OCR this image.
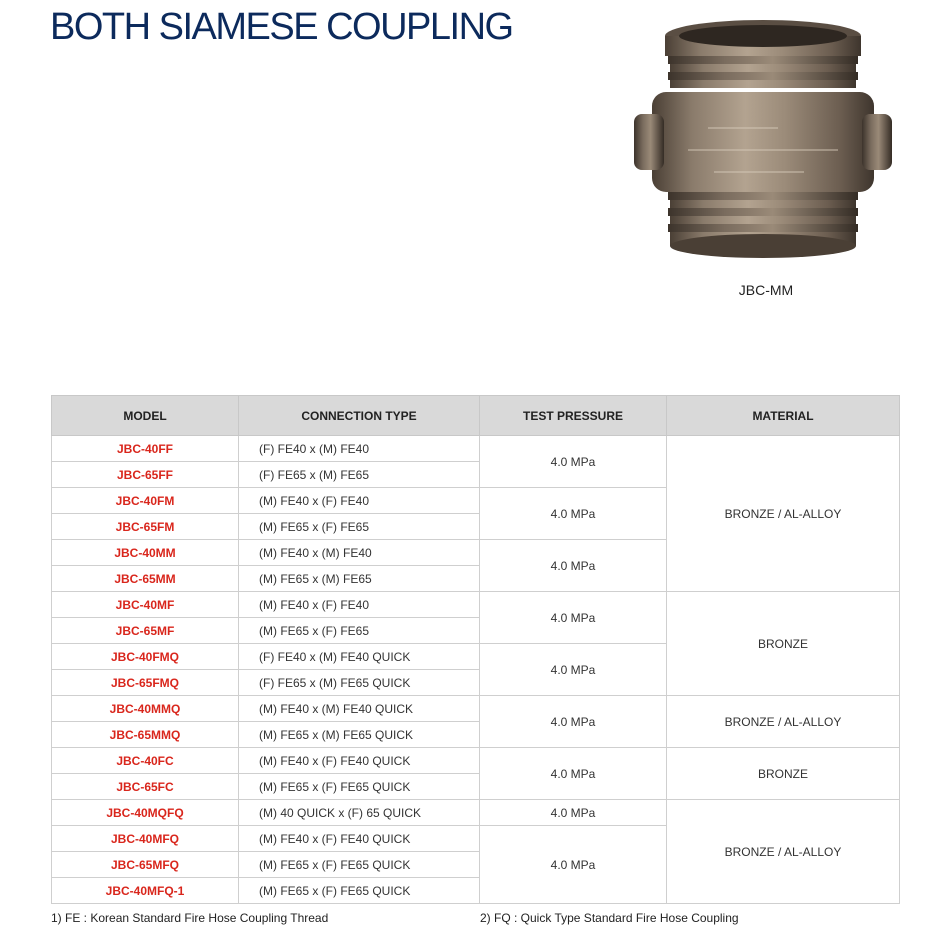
BOTH SIAMESE COUPLING
JBC-MM
MODEL	CONNECTION TYPE	TEST PRESSURE	MATERIAL
JBC-40FF	(F) FE40 x (M) FE40	4.0 MPa	BRONZE / AL-ALLOY
JBC-65FF	(F) FE65 x (M) FE65		
JBC-40FM	(M) FE40 x (F) FE40	4.0 MPa	
JBC-65FM	(M) FE65 x (F) FE65		
JBC-40MM	(M) FE40 x (M) FE40	4.0 MPa	
JBC-65MM	(M) FE65 x (M) FE65		
JBC-40MF	(M) FE40 x (F) FE40	4.0 MPa	BRONZE
JBC-65MF	(M) FE65 x (F) FE65		
JBC-40FMQ	(F) FE40 x (M) FE40 QUICK	4.0 MPa	
JBC-65FMQ	(F) FE65 x (M) FE65 QUICK		
JBC-40MMQ	(M) FE40 x (M) FE40 QUICK	4.0 MPa	BRONZE / AL-ALLOY
JBC-65MMQ	(M) FE65 x (M) FE65 QUICK		
JBC-40FC	(M) FE40 x (F) FE40 QUICK	4.0 MPa	BRONZE
JBC-65FC	(M) FE65 x (F) FE65 QUICK		
JBC-40MQFQ	(M) 40 QUICK x (F) 65 QUICK	4.0 MPa	BRONZE / AL-ALLOY
JBC-40MFQ	(M) FE40 x (F) FE40 QUICK	4.0 MPa	
JBC-65MFQ	(M) FE65 x (F) FE65 QUICK		
JBC-40MFQ-1	(M) FE65 x (F) FE65 QUICK		
1) FE : Korean Standard Fire Hose Coupling Thread	2) FQ : Quick Type Standard Fire Hose Coupling
